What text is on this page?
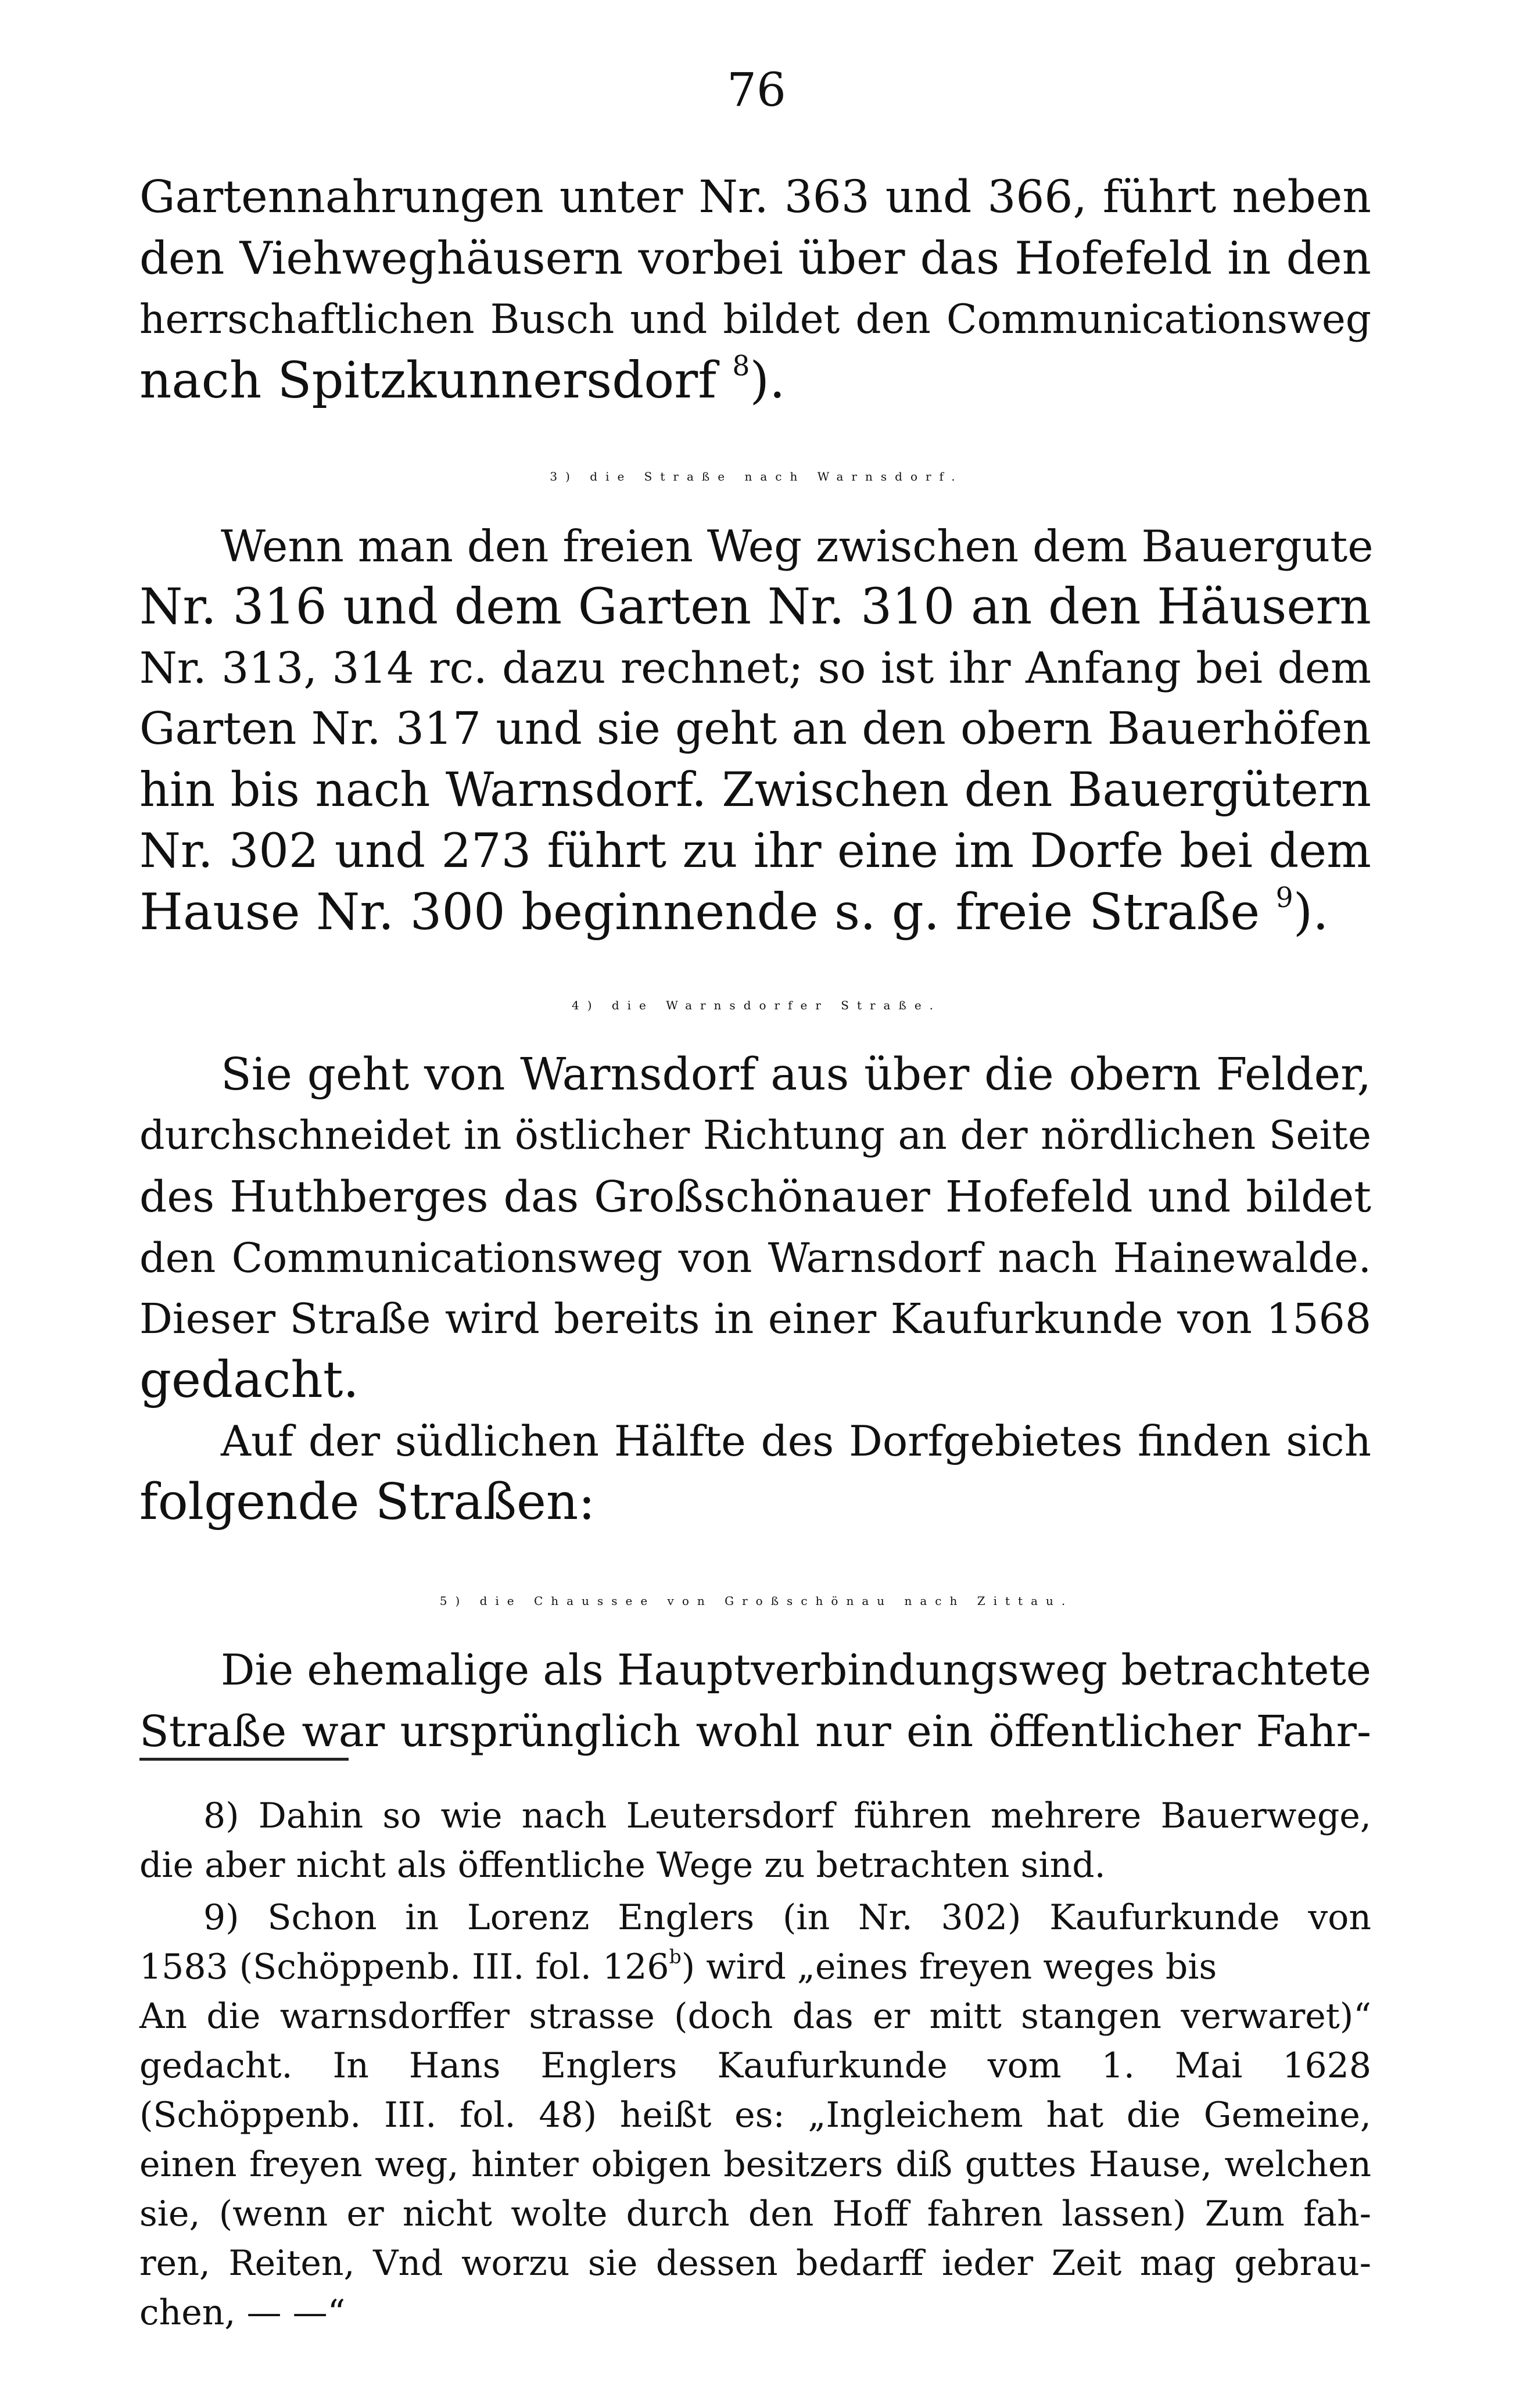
76
Gartennahrungen unter Nr. 363 und 366, führt neben
den Viehweghäusern vorbei über das Hofefeld in den
herrschaftlichen Busch und bildet den Communicationsweg
nach Spitzkunnersdorf $^8$).
3) die Straße nach Warnsdorf.
Wenn man den freien Weg zwischen dem Bauergute
Nr. 316 und dem Garten Nr. 310 an den Häusern
Nr. 313, 314 rc. dazu rechnet; so ist ihr Anfang bei dem
Garten Nr. 317 und sie geht an den obern Bauerhöfen
hin bis nach Warnsdorf. Zwischen den Bauergütern
Nr. 302 und 273 führt zu ihr eine im Dorfe bei dem
Hause Nr. 300 beginnende s. g. freie Straße $^9$).
4) die Warnsdorfer Straße.
Sie geht von Warnsdorf aus über die obern Felder,
durchschneidet in östlicher Richtung an der nördlichen Seite
des Huthberges das Großschönauer Hofefeld und bildet
den Communicationsweg von Warnsdorf nach Hainewalde.
Dieser Straße wird bereits in einer Kaufurkunde von 1568
gedacht.
Auf der südlichen Hälfte des Dorfgebietes finden sich
folgende Straßen:
5) die Chaussee von Großschönau nach Zittau.
Die ehemalige als Hauptverbindungsweg betrachtete
Straße war ursprünglich wohl nur ein öffentlicher Fahr-
8) Dahin so wie nach Leutersdorf führen mehrere Bauerwege,
die aber nicht als öffentliche Wege zu betrachten sind.
9) Schon in Lorenz Englers (in Nr. 302) Kaufurkunde von
1583 (Schöppenb. III. fol. 126$^b$) wird „eines freyen weges bis
An die warnsdorffer strasse (doch das er mitt stangen verwaret)“
gedacht. In Hans Englers Kaufurkunde vom 1. Mai 1628
(Schöppenb. III. fol. 48) heißt es: „Ingleichem hat die Gemeine,
einen freyen weg, hinter obigen besitzers diß guttes Hause, welchen
sie, (wenn er nicht wolte durch den Hoff fahren lassen) Zum fah-
ren, Reiten, Vnd worzu sie dessen bedarff ieder Zeit mag gebrau-
chen, — —“
